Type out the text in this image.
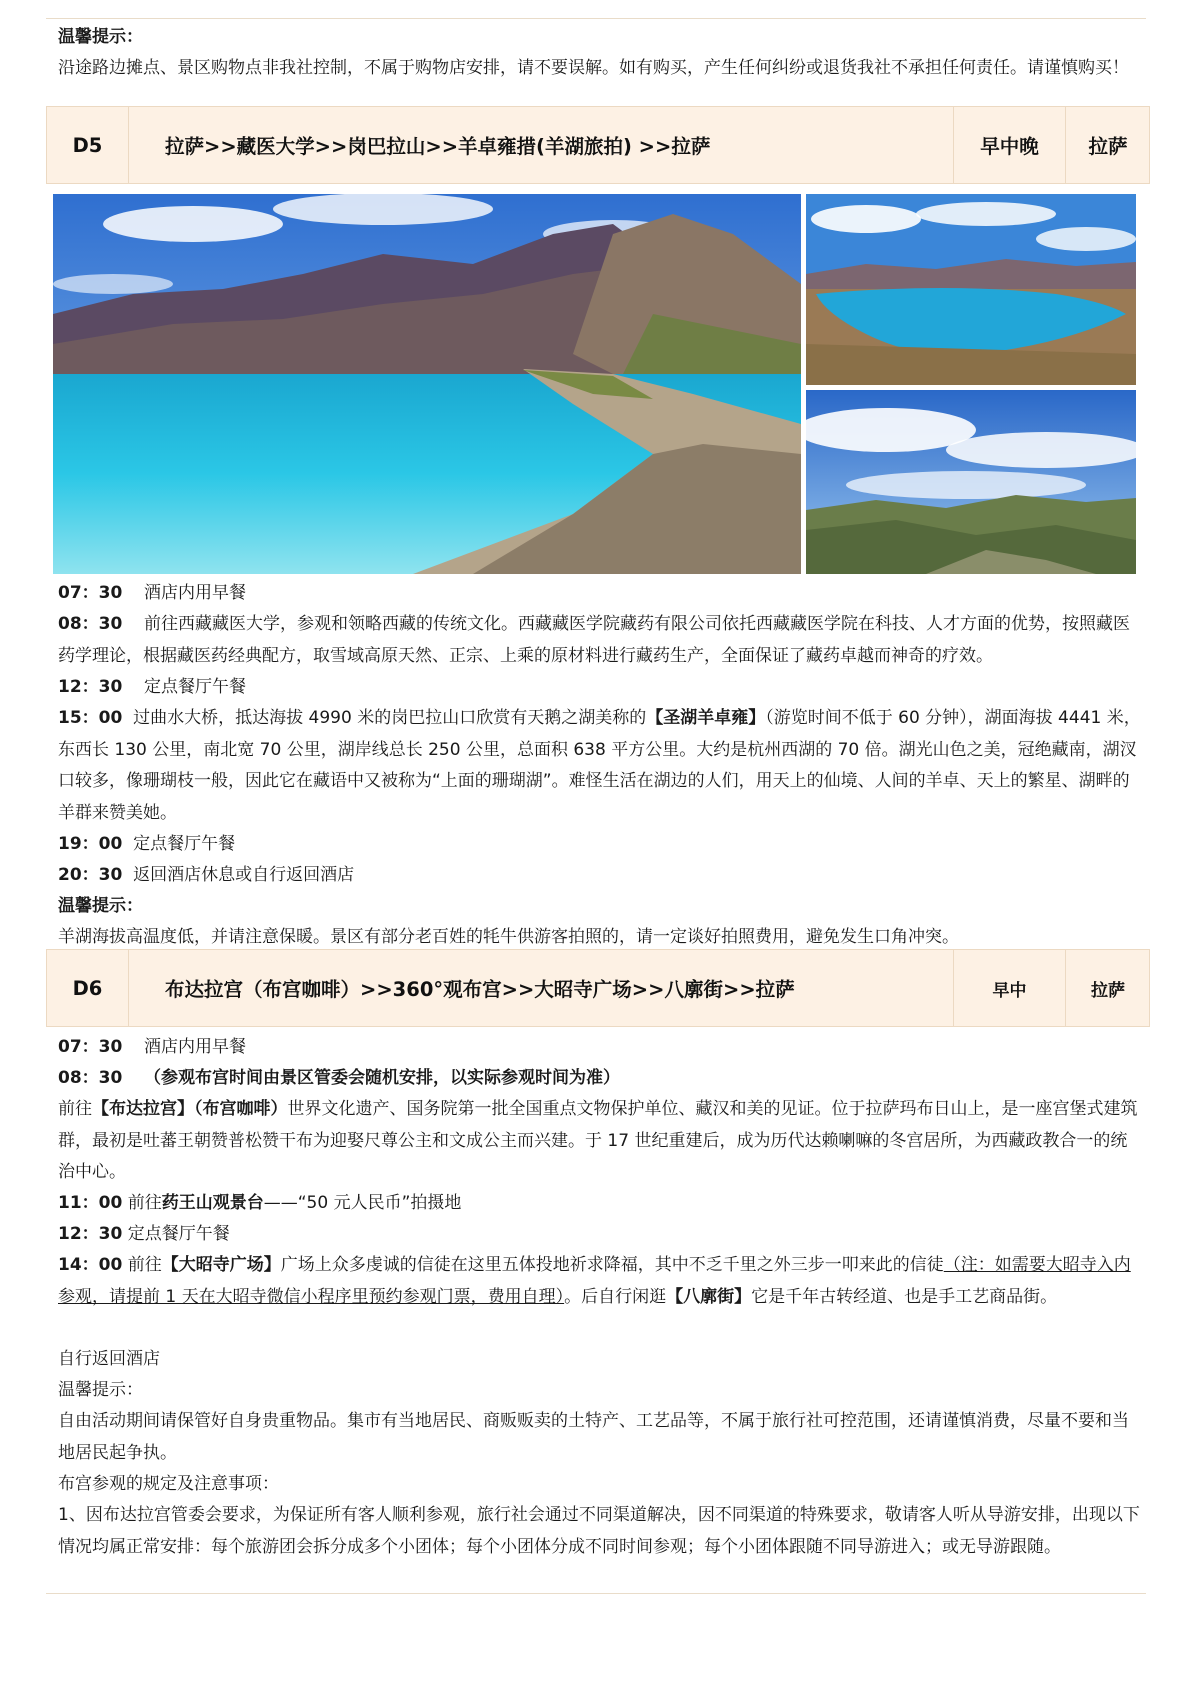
温馨提示：
沿途路边摊点、景区购物点非我社控制，不属于购物店安排，请不要误解。如有购买，产生任何纠纷或退货我社不承担任何责任。请谨慎购买！
D5	拉萨>>藏医大学>>岗巴拉山>>羊卓雍措(羊湖旅拍) >>拉萨	早中晚	拉萨
07：30 酒店内用早餐
08：30 前往西藏藏医大学，参观和领略西藏的传统文化。西藏藏医学院藏药有限公司依托西藏藏医学院在科技、人才方面的优势，按照藏医药学理论，根据藏医药经典配方，取雪域高原天然、正宗、上乘的原材料进行藏药生产，全面保证了藏药卓越而神奇的疗效。
12：30 定点餐厅午餐
15：00 过曲水大桥，抵达海拔 4990 米的岗巴拉山口欣赏有天鹅之湖美称的【圣湖羊卓雍】（游览时间不低于 60 分钟），湖面海拔 4441 米，东西长 130 公里，南北宽 70 公里，湖岸线总长 250 公里，总面积 638 平方公里。大约是杭州西湖的 70 倍。湖光山色之美，冠绝藏南，湖汊口较多，像珊瑚枝一般，因此它在藏语中又被称为“上面的珊瑚湖”。难怪生活在湖边的人们，用天上的仙境、人间的羊卓、天上的繁星、湖畔的羊群来赞美她。
19：00 定点餐厅午餐
20：30 返回酒店休息或自行返回酒店
温馨提示：
羊湖海拔高温度低，并请注意保暖。景区有部分老百姓的牦牛供游客拍照的，请一定谈好拍照费用，避免发生口角冲突。
D6	布达拉宫（布宫咖啡）>>360°观布宫>>大昭寺广场>>八廓街>>拉萨	早中	拉萨
07：30 酒店内用早餐
08：30 （参观布宫时间由景区管委会随机安排，以实际参观时间为准）
前往【布达拉宫】（布宫咖啡）世界文化遗产、国务院第一批全国重点文物保护单位、藏汉和美的见证。位于拉萨玛布日山上，是一座宫堡式建筑群，最初是吐蕃王朝赞普松赞干布为迎娶尺尊公主和文成公主而兴建。于 17 世纪重建后，成为历代达赖喇嘛的冬宫居所，为西藏政教合一的统治中心。
11：00 前往药王山观景台——“50 元人民币”拍摄地
12：30 定点餐厅午餐
14：00 前往【大昭寺广场】广场上众多虔诚的信徒在这里五体投地祈求降福，其中不乏千里之外三步一叩来此的信徒（注：如需要大昭寺入内参观，请提前 1 天在大昭寺微信小程序里预约参观门票，费用自理）。后自行闲逛【八廓街】它是千年古转经道、也是手工艺商品街。
自行返回酒店
温馨提示：
自由活动期间请保管好自身贵重物品。集市有当地居民、商贩贩卖的土特产、工艺品等，不属于旅行社可控范围，还请谨慎消费，尽量不要和当地居民起争执。
布宫参观的规定及注意事项：
1、因布达拉宫管委会要求，为保证所有客人顺利参观，旅行社会通过不同渠道解决，因不同渠道的特殊要求，敬请客人听从导游安排，出现以下情况均属正常安排：每个旅游团会拆分成多个小团体；每个小团体分成不同时间参观；每个小团体跟随不同导游进入；或无导游跟随。
